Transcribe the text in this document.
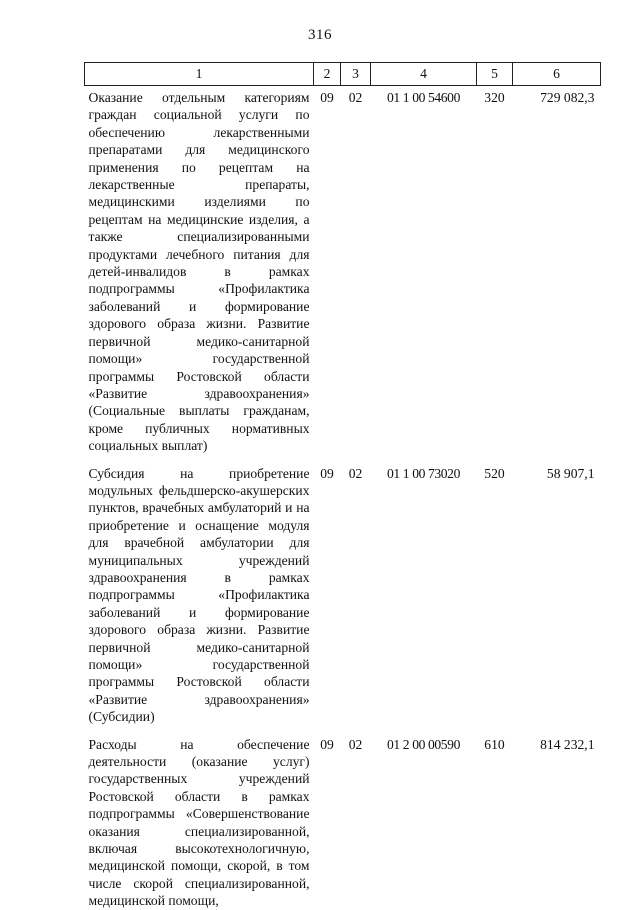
316
1	2	3	4	5	6
Оказание отдельным категориям граждан социальной услуги по обеспечению лекарственными препаратами для медицинского применения по рецептам на лекарственные препараты, медицинскими изделиями по рецептам на медицинские изделия, а также специализированными продуктами лечебного питания для детей-инвалидов в рамках подпрограммы «Профилактика заболеваний и формирование здорового образа жизни. Развитие первичной медико-санитарной помощи» государственной программы Ростовской области «Развитие здравоохранения» (Социальные выплаты гражданам, кроме публичных нормативных социальных выплат)	09	02	01 1 00 54600	320	729 082,3
Субсидия на приобретение модульных фельдшерско-акушерских пунктов, врачебных амбулаторий и на приобретение и оснащение модуля для врачебной амбулатории для муниципальных учреждений здравоохранения в рамках подпрограммы «Профилактика заболеваний и формирование здорового образа жизни. Развитие первичной медико-санитарной помощи» государственной программы Ростовской области «Развитие здравоохранения» (Субсидии)	09	02	01 1 00 73020	520	58 907,1
Расходы на обеспечение деятельности (оказание услуг) государственных учреждений Ростовской области в рамках подпрограммы «Совершенствование оказания специализированной, включая высокотехнологичную, медицинской помощи, скорой, в том числе скорой специализированной, медицинской помощи,	09	02	01 2 00 00590	610	814 232,1
